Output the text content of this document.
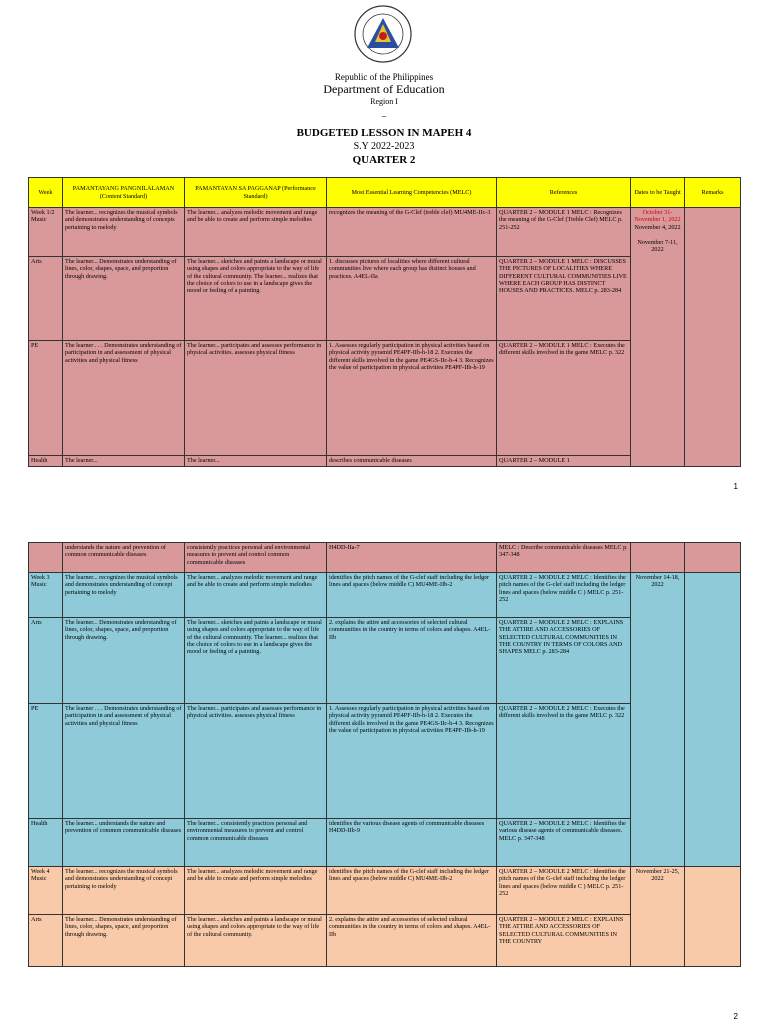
Republic of the Philippines
Department of Education
Region I
–
BUDGETED LESSON IN MAPEH 4
S.Y 2022-2023
QUARTER 2
Week	PAMANTAYANG PANGNILALAMAN (Content Standard)	PAMANTAYAN SA PAGGANAP (Performance Standard)	Most Essential Learning Competencies (MELC)	References	Dates to be Taught	Remarks
Week 1/2 Music	The learner... recognizes the musical symbols and demonstrates understanding of concepts pertaining to melody	The learner... analyzes melodic movement and range and be able to create and perform simple melodies	recognizes the meaning of the G-Clef (treble clef) MU4ME-IIc-3	QUARTER 2 – MODULE 1 MELC : Recognizes the meaning of the G-Clef (Treble Clef) MELC p. 251-252	October 31- November 1, 2022
November 4, 2022
November 7-11, 2022	

Arts	The learner... Demonstrates understanding of lines, color, shapes, space, and proportion through drawing.	The learner... sketches and paints a landscape or mural using shapes and colors appropriate to the way of life of the cultural community. The learner... realizes that the choice of colors to use in a landscape gives the mood or feeling of a painting.	1. discusses pictures of localities where different cultural communities live where each group has distinct houses and practices. A4EL-IIa	QUARTER 2 – MODULE 1 MELC : DISCUSSES THE PICTURES OF LOCALITIES WHERE DIFFERENT CULTURAL COMMUNITIES LIVE WHERE EACH GROUP HAS DISTINCT HOUSES AND PRACTICES. MELC p. 283-284		
PE	The learner . . . Demonstrates understanding of participation in and assessment of physical activities and physical fitness	The learner... participates and assesses performance in physical activities. assesses physical fitness	1. Assesses regularly participation in physical activities based on physical activity pyramid PE4PF-IIb-h-18 2. Executes the different skills involved in the game PE4GS-IIc-h-4 3. Recognizes the value of participation in physical activities PE4PF-IIb-h-19	QUARTER 2 – MODULE 1 MELC : Executes the different skills involved in the game MELC p. 322		
Health	The learner...	The learner...	describes communicable diseases	QUARTER 2 – MODULE 1		
1
	understands the nature and prevention of common communicable diseases	consistently practices personal and environmental measures to prevent and control common communicable diseases	H4DD-IIa-7	MELC : Describe communicable diseases MELC p. 347-348		
Week 3 Music	The learner... recognizes the musical symbols and demonstrates understanding of concept pertaining to melody	The learner... analyzes melodic movement and range and be able to create and perform simple melodies	identifies the pitch names of the G-clef staff including the ledger lines and spaces (below middle C) MU4ME-IIb-2	QUARTER 2 – MODULE 2 MELC : Identifies the pitch names of the G-clef staff including the ledger lines and spaces (below middle C ) MELC p. 251-252	November 14-18, 2022	
Arts	The learner... Demonstrates understanding of lines, color, shapes, space, and proportion through drawing.	The learner... sketches and paints a landscape or mural using shapes and colors appropriate to the way of life of the cultural community. The learner... realizes that the choice of colors to use in a landscape gives the mood or feeling of a painting.	2. explains the attire and accessories of selected cultural communities in the country in terms of colors and shapes. A4EL-IIb	QUARTER 2 – MODULE 2 MELC : EXPLAINS THE ATTIRE AND ACCESSORIES OF SELECTED CULTURAL COMMUNITIES IN THE COUNTRY IN TERMS OF COLORS AND SHAPES MELC p. 283-284		
PE	The learner . . . Demonstrates understanding of participation in and assessment of physical activities and physical fitness	The learner... participates and assesses performance in physical activities. assesses physical fitness	1. Assesses regularly participation in physical activities based on physical activity pyramid PE4PF-IIb-h-18 2. Executes the different skills involved in the game PE4GS-IIc-h-4 3. Recognizes the value of participation in physical activities PE4PF-IIb-h-19	QUARTER 2 – MODULE 2 MELC : Executes the different skills involved in the game MELC p. 322		
Health	The learner... understands the nature and prevention of common communicable diseases	The learner... consistently practices personal and environmental measures to prevent and control common communicable diseases	identifies the various disease agents of communicable diseases H4DD-IIb-9	QUARTER 2 – MODULE 2 MELC : Identifies the various disease agents of communicable diseases. MELC p. 347-348		
Week 4 Music	The learner... recognizes the musical symbols and demonstrates understanding of concept pertaining to melody	The learner... analyzes melodic movement and range and be able to create and perform simple melodies	identifies the pitch names of the G-clef staff including the ledger lines and spaces (below middle C) MU4ME-IIb-2	QUARTER 2 – MODULE 2 MELC : Identifies the pitch names of the G-clef staff including the ledger lines and spaces (below middle C ) MELC p. 251-252	November 21-25, 2022	
Arts	The learner... Demonstrates understanding of lines, color, shapes, space, and proportion through drawing.	The learner... sketches and paints a landscape or mural using shapes and colors appropriate to the way of life of the cultural community.	2. explains the attire and accessories of selected cultural communities in the country in terms of colors and shapes. A4EL-IIb	QUARTER 2 – MODULE 2 MELC : EXPLAINS THE ATTIRE AND ACCESSORIES OF SELECTED CULTURAL COMMUNITIES IN THE COUNTRY		
2
